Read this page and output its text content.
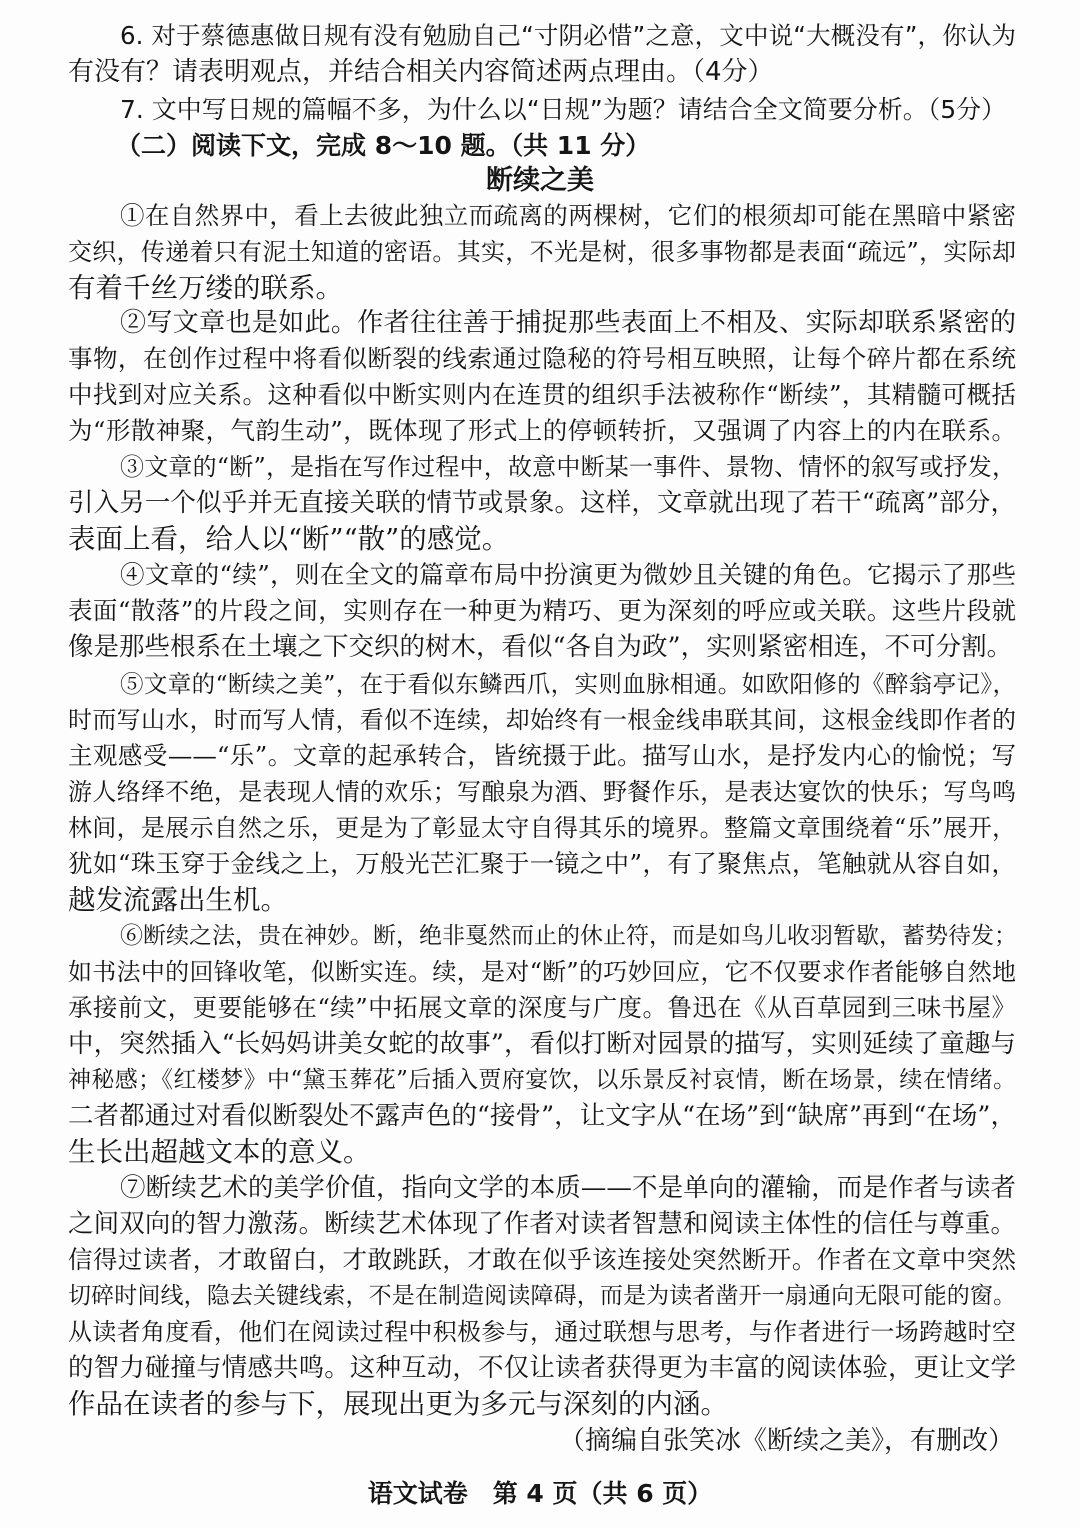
6. 对于蔡德惠做日规有没有勉励自己“寸阴必惜”之意，文中说“大概没有”，你认为
有没有？请表明观点，并结合相关内容简述两点理由。（4分）
7. 文中写日规的篇幅不多，为什么以“日规”为题？请结合全文简要分析。（5分）
（二）阅读下文，完成 8～10 题。（共 11 分）
断续之美
①在自然界中，看上去彼此独立而疏离的两棵树，它们的根须却可能在黑暗中紧密
交织，传递着只有泥土知道的密语。其实，不光是树，很多事物都是表面“疏远”，实际却
有着千丝万缕的联系。
②写文章也是如此。作者往往善于捕捉那些表面上不相及、实际却联系紧密的
事物，在创作过程中将看似断裂的线索通过隐秘的符号相互映照，让每个碎片都在系统
中找到对应关系。这种看似中断实则内在连贯的组织手法被称作“断续”，其精髓可概括
为“形散神聚，气韵生动”，既体现了形式上的停顿转折，又强调了内容上的内在联系。
③文章的“断”，是指在写作过程中，故意中断某一事件、景物、情怀的叙写或抒发，
引入另一个似乎并无直接关联的情节或景象。这样，文章就出现了若干“疏离”部分，
表面上看，给人以“断”“散”的感觉。
④文章的“续”，则在全文的篇章布局中扮演更为微妙且关键的角色。它揭示了那些
表面“散落”的片段之间，实则存在一种更为精巧、更为深刻的呼应或关联。这些片段就
像是那些根系在土壤之下交织的树木，看似“各自为政”，实则紧密相连，不可分割。
⑤文章的“断续之美”，在于看似东鳞西爪，实则血脉相通。如欧阳修的《醉翁亭记》，
时而写山水，时而写人情，看似不连续，却始终有一根金线串联其间，这根金线即作者的
主观感受——“乐”。文章的起承转合，皆统摄于此。描写山水，是抒发内心的愉悦；写
游人络绎不绝，是表现人情的欢乐；写酿泉为酒、野餐作乐，是表达宴饮的快乐；写鸟鸣
林间，是展示自然之乐，更是为了彰显太守自得其乐的境界。整篇文章围绕着“乐”展开，
犹如“珠玉穿于金线之上，万般光芒汇聚于一镜之中”，有了聚焦点，笔触就从容自如，
越发流露出生机。
⑥断续之法，贵在神妙。断，绝非戛然而止的休止符，而是如鸟儿收羽暂歇，蓄势待发；
如书法中的回锋收笔，似断实连。续，是对“断”的巧妙回应，它不仅要求作者能够自然地
承接前文，更要能够在“续”中拓展文章的深度与广度。鲁迅在《从百草园到三味书屋》
中，突然插入“长妈妈讲美女蛇的故事”，看似打断对园景的描写，实则延续了童趣与
神秘感；《红楼梦》中“黛玉葬花”后插入贾府宴饮，以乐景反衬哀情，断在场景，续在情绪。
二者都通过对看似断裂处不露声色的“接骨”，让文字从“在场”到“缺席”再到“在场”，
生长出超越文本的意义。
⑦断续艺术的美学价值，指向文学的本质——不是单向的灌输，而是作者与读者
之间双向的智力激荡。断续艺术体现了作者对读者智慧和阅读主体性的信任与尊重。
信得过读者，才敢留白，才敢跳跃，才敢在似乎该连接处突然断开。作者在文章中突然
切碎时间线，隐去关键线索，不是在制造阅读障碍，而是为读者凿开一扇通向无限可能的窗。
从读者角度看，他们在阅读过程中积极参与，通过联想与思考，与作者进行一场跨越时空
的智力碰撞与情感共鸣。这种互动，不仅让读者获得更为丰富的阅读体验，更让文学
作品在读者的参与下，展现出更为多元与深刻的内涵。
（摘编自张笑冰《断续之美》，有删改）
语文试卷　第 4 页（共 6 页）
